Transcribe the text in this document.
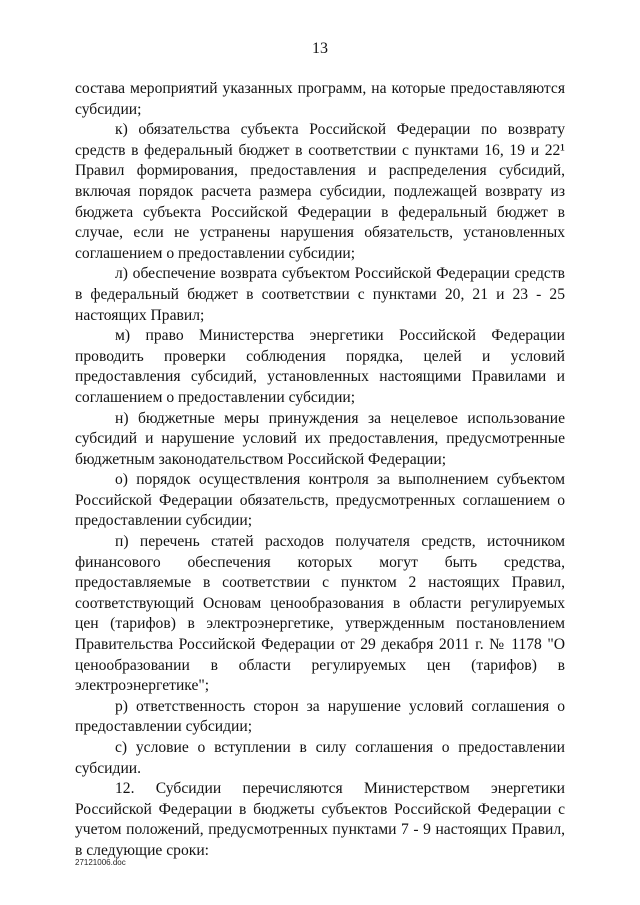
13

состава мероприятий указанных программ, на которые предоставляются субсидии;

к) обязательства субъекта Российской Федерации по возврату средств в федеральный бюджет в соответствии с пунктами 16, 19 и 22¹ Правил формирования, предоставления и распределения субсидий, включая порядок расчета размера субсидии, подлежащей возврату из бюджета субъекта Российской Федерации в федеральный бюджет в случае, если не устранены нарушения обязательств, установленных соглашением о предоставлении субсидии;

л) обеспечение возврата субъектом Российской Федерации средств в федеральный бюджет в соответствии с пунктами 20, 21 и 23 - 25 настоящих Правил;

м) право Министерства энергетики Российской Федерации проводить проверки соблюдения порядка, целей и условий предоставления субсидий, установленных настоящими Правилами и соглашением о предоставлении субсидии;

н) бюджетные меры принуждения за нецелевое использование субсидий и нарушение условий их предоставления, предусмотренные бюджетным законодательством Российской Федерации;

о) порядок осуществления контроля за выполнением субъектом Российской Федерации обязательств, предусмотренных соглашением о предоставлении субсидии;

п) перечень статей расходов получателя средств, источником финансового обеспечения которых могут быть средства, предоставляемые в соответствии с пунктом 2 настоящих Правил, соответствующий Основам ценообразования в области регулируемых цен (тарифов) в электроэнергетике, утвержденным постановлением Правительства Российской Федерации от 29 декабря 2011 г. № 1178 "О ценообразовании в области регулируемых цен (тарифов) в электроэнергетике";

р) ответственность сторон за нарушение условий соглашения о предоставлении субсидии;

с) условие о вступлении в силу соглашения о предоставлении субсидии.

12. Субсидии перечисляются Министерством энергетики Российской Федерации в бюджеты субъектов Российской Федерации с учетом положений, предусмотренных пунктами 7 - 9 настоящих Правил, в следующие сроки:

27121006.doc
